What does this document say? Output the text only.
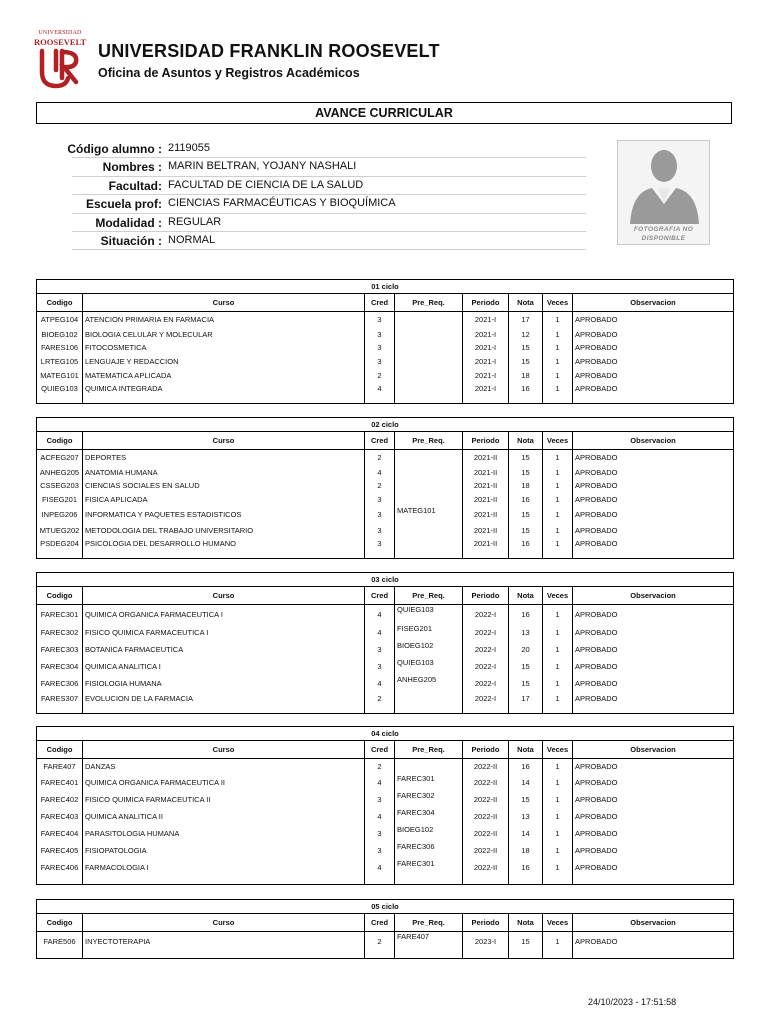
UNIVERSIDAD
ROOSEVELT UNIVERSIDAD FRANKLIN ROOSEVELT
Oficina de Asuntos y Registros Académicos
AVANCE CURRICULAR
Código alumno : 2119055
Nombres : MARIN BELTRAN, YOJANY NASHALI
Facultad: FACULTAD DE CIENCIA DE LA SALUD
Escuela prof: CIENCIAS FARMACÉUTICAS Y BIOQUÍMICA
Modalidad : REGULAR
Situación : NORMAL
FOTOGRAFIA NO
DISPONIBLE
01 ciclo							
Codigo	Curso	Cred	Pre_Req.	Periodo	Nota	Veces	Observacion
ATPEG104	ATENCION PRIMARIA EN FARMACIA	3		2021-I	17	1	APROBADO
BIOEG102	BIOLOGIA CELULAR Y MOLECULAR	3		2021-I	12	1	APROBADO
FARES106	FITOCOSMETICA	3		2021-I	15	1	APROBADO
LRTEG105	LENGUAJE Y REDACCION	3		2021-I	15	1	APROBADO
MATEG101	MATEMATICA APLICADA	2		2021-I	18	1	APROBADO
QUIEG103	QUIMICA INTEGRADA	4		2021-I	16	1	APROBADO

02 ciclo							
Codigo	Curso	Cred	Pre_Req.	Periodo	Nota	Veces	Observacion
ACFEG207	DEPORTES	2		2021-II	15	1	APROBADO
ANHEG205	ANATOMIA HUMANA	4		2021-II	15	1	APROBADO
CSSEG203	CIENCIAS SOCIALES EN SALUD	2		2021-II	18	1	APROBADO
FISEG201	FISICA APLICADA	3		2021-II	16	1	APROBADO
INPEG206	INFORMATICA Y PAQUETES ESTADISTICOS	3	MATEG101	2021-II	15	1	APROBADO
MTUEG202	METODOLOGIA DEL TRABAJO UNIVERSITARIO	3		2021-II	15	1	APROBADO
PSDEG204	PSICOLOGIA DEL DESARROLLO HUMANO	3		2021-II	16	1	APROBADO

03 ciclo							
Codigo	Curso	Cred	Pre_Req.	Periodo	Nota	Veces	Observacion
FAREC301	QUIMICA ORGANICA FARMACEUTICA I	4	QUIEG103	2022-I	16	1	APROBADO
FAREC302	FISICO QUIMICA FARMACEUTICA I	4	FISEG201	2022-I	13	1	APROBADO
FAREC303	BOTANICA FARMACEUTICA	3	BIOEG102	2022-I	20	1	APROBADO
FAREC304	QUIMICA ANALITICA I	3	QUIEG103	2022-I	15	1	APROBADO
FAREC306	FISIOLOGIA HUMANA	4	ANHEG205	2022-I	15	1	APROBADO
FARES307	EVOLUCION DE LA FARMACIA	2		2022-I	17	1	APROBADO

04 ciclo							
Codigo	Curso	Cred	Pre_Req.	Periodo	Nota	Veces	Observacion
FARE407	DANZAS	2		2022-II	16	1	APROBADO
FAREC401	QUIMICA ORGANICA FARMACEUTICA II	4	FAREC301	2022-II	14	1	APROBADO
FAREC402	FISICO QUIMICA FARMACEUTICA II	3	FAREC302	2022-II	15	1	APROBADO
FAREC403	QUIMICA ANALITICA II	4	FAREC304	2022-II	13	1	APROBADO
FAREC404	PARASITOLOGIA HUMANA	3	BIOEG102	2022-II	14	1	APROBADO
FAREC405	FISIOPATOLOGIA	3	FAREC306	2022-II	18	1	APROBADO
FAREC406	FARMACOLOGIA I	4	FAREC301	2022-II	16	1	APROBADO

05 ciclo							
Codigo	Curso	Cred	Pre_Req.	Periodo	Nota	Veces	Observacion
FARE506	INYECTOTERAPIA	2	FARE407	2023-I	15	1	APROBADO

24/10/2023 - 17:51:58
